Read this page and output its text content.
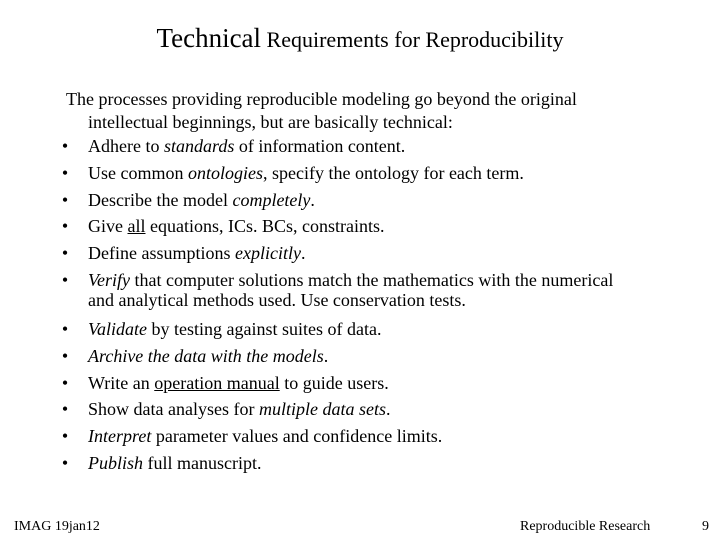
Technical Requirements for Reproducibility
The processes providing reproducible modeling go beyond the original
intellectual beginnings, but are basically technical:
• Adhere to standards of information content.
• Use common ontologies, specify the ontology for each term.
• Describe the model completely.
• Give all equations, ICs. BCs, constraints.
• Define assumptions explicitly.
• Verify that computer solutions match the mathematics with the numerical
and analytical methods used. Use conservation tests.
• Validate by testing against suites of data.
• Archive the data with the models.
• Write an operation manual to guide users.
• Show data analyses for multiple data sets.
• Interpret parameter values and confidence limits.
• Publish full manuscript.
IMAG 19jan12	Reproducible Research	9
